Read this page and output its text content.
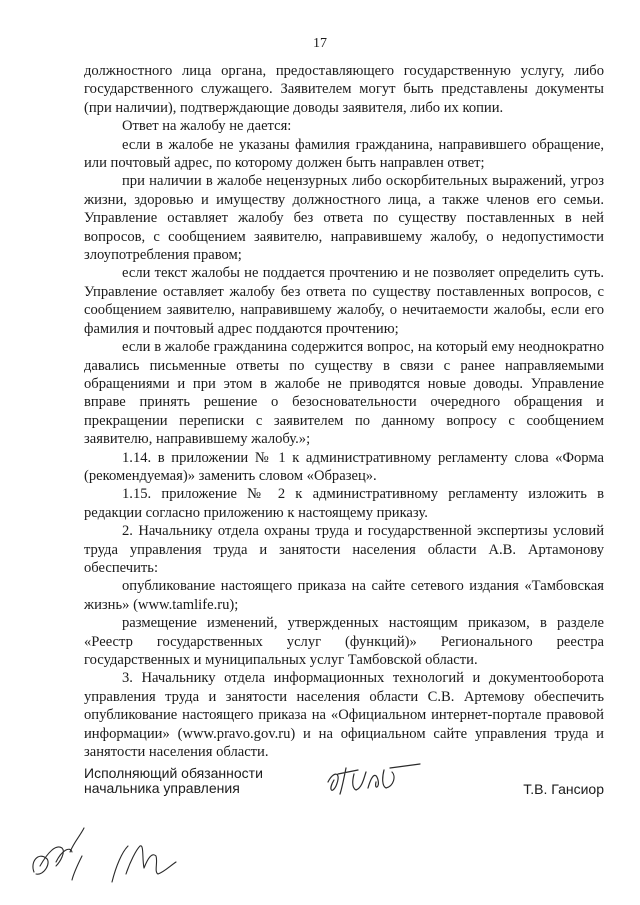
17

должностного лица органа, предоставляющего государственную услугу, либо государственного служащего. Заявителем могут быть представлены документы (при наличии), подтверждающие доводы заявителя, либо их копии.

Ответ на жалобу не дается:

если в жалобе не указаны фамилия гражданина, направившего обращение, или почтовый адрес, по которому должен быть направлен ответ;

при наличии в жалобе нецензурных либо оскорбительных выражений, угроз жизни, здоровью и имуществу должностного лица, а также членов его семьи. Управление оставляет жалобу без ответа по существу поставленных в ней вопросов, с сообщением заявителю, направившему жалобу, о недопустимости злоупотребления правом;

если текст жалобы не поддается прочтению и не позволяет определить суть. Управление оставляет жалобу без ответа по существу поставленных вопросов, с сообщением заявителю, направившему жалобу, о нечитаемости жалобы, если его фамилия и почтовый адрес поддаются прочтению;

если в жалобе гражданина содержится вопрос, на который ему неоднократно давались письменные ответы по существу в связи с ранее направляемыми обращениями и при этом в жалобе не приводятся новые доводы. Управление вправе принять решение о безосновательности очередного обращения и прекращении переписки с заявителем по данному вопросу с сообщением заявителю, направившему жалобу.»;

1.14. в приложении № 1 к административному регламенту слова «Форма (рекомендуемая)» заменить словом «Образец».

1.15. приложение № 2 к административному регламенту изложить в редакции согласно приложению к настоящему приказу.

2. Начальнику отдела охраны труда и государственной экспертизы условий труда управления труда и занятости населения области А.В. Артамонову обеспечить:

опубликование настоящего приказа на сайте сетевого издания «Тамбовская жизнь» (www.tamlife.ru);

размещение изменений, утвержденных настоящим приказом, в разделе «Реестр государственных услуг (функций)» Регионального реестра государственных и муниципальных услуг Тамбовской области.

3. Начальнику отдела информационных технологий и документооборота управления труда и занятости населения области С.В. Артемову обеспечить опубликование настоящего приказа на «Официальном интернет-портале правовой информации» (www.pravo.gov.ru) и на официальном сайте управления труда и занятости населения области.

Исполняющий обязанности
начальника управления	Т.В. Гансиор
